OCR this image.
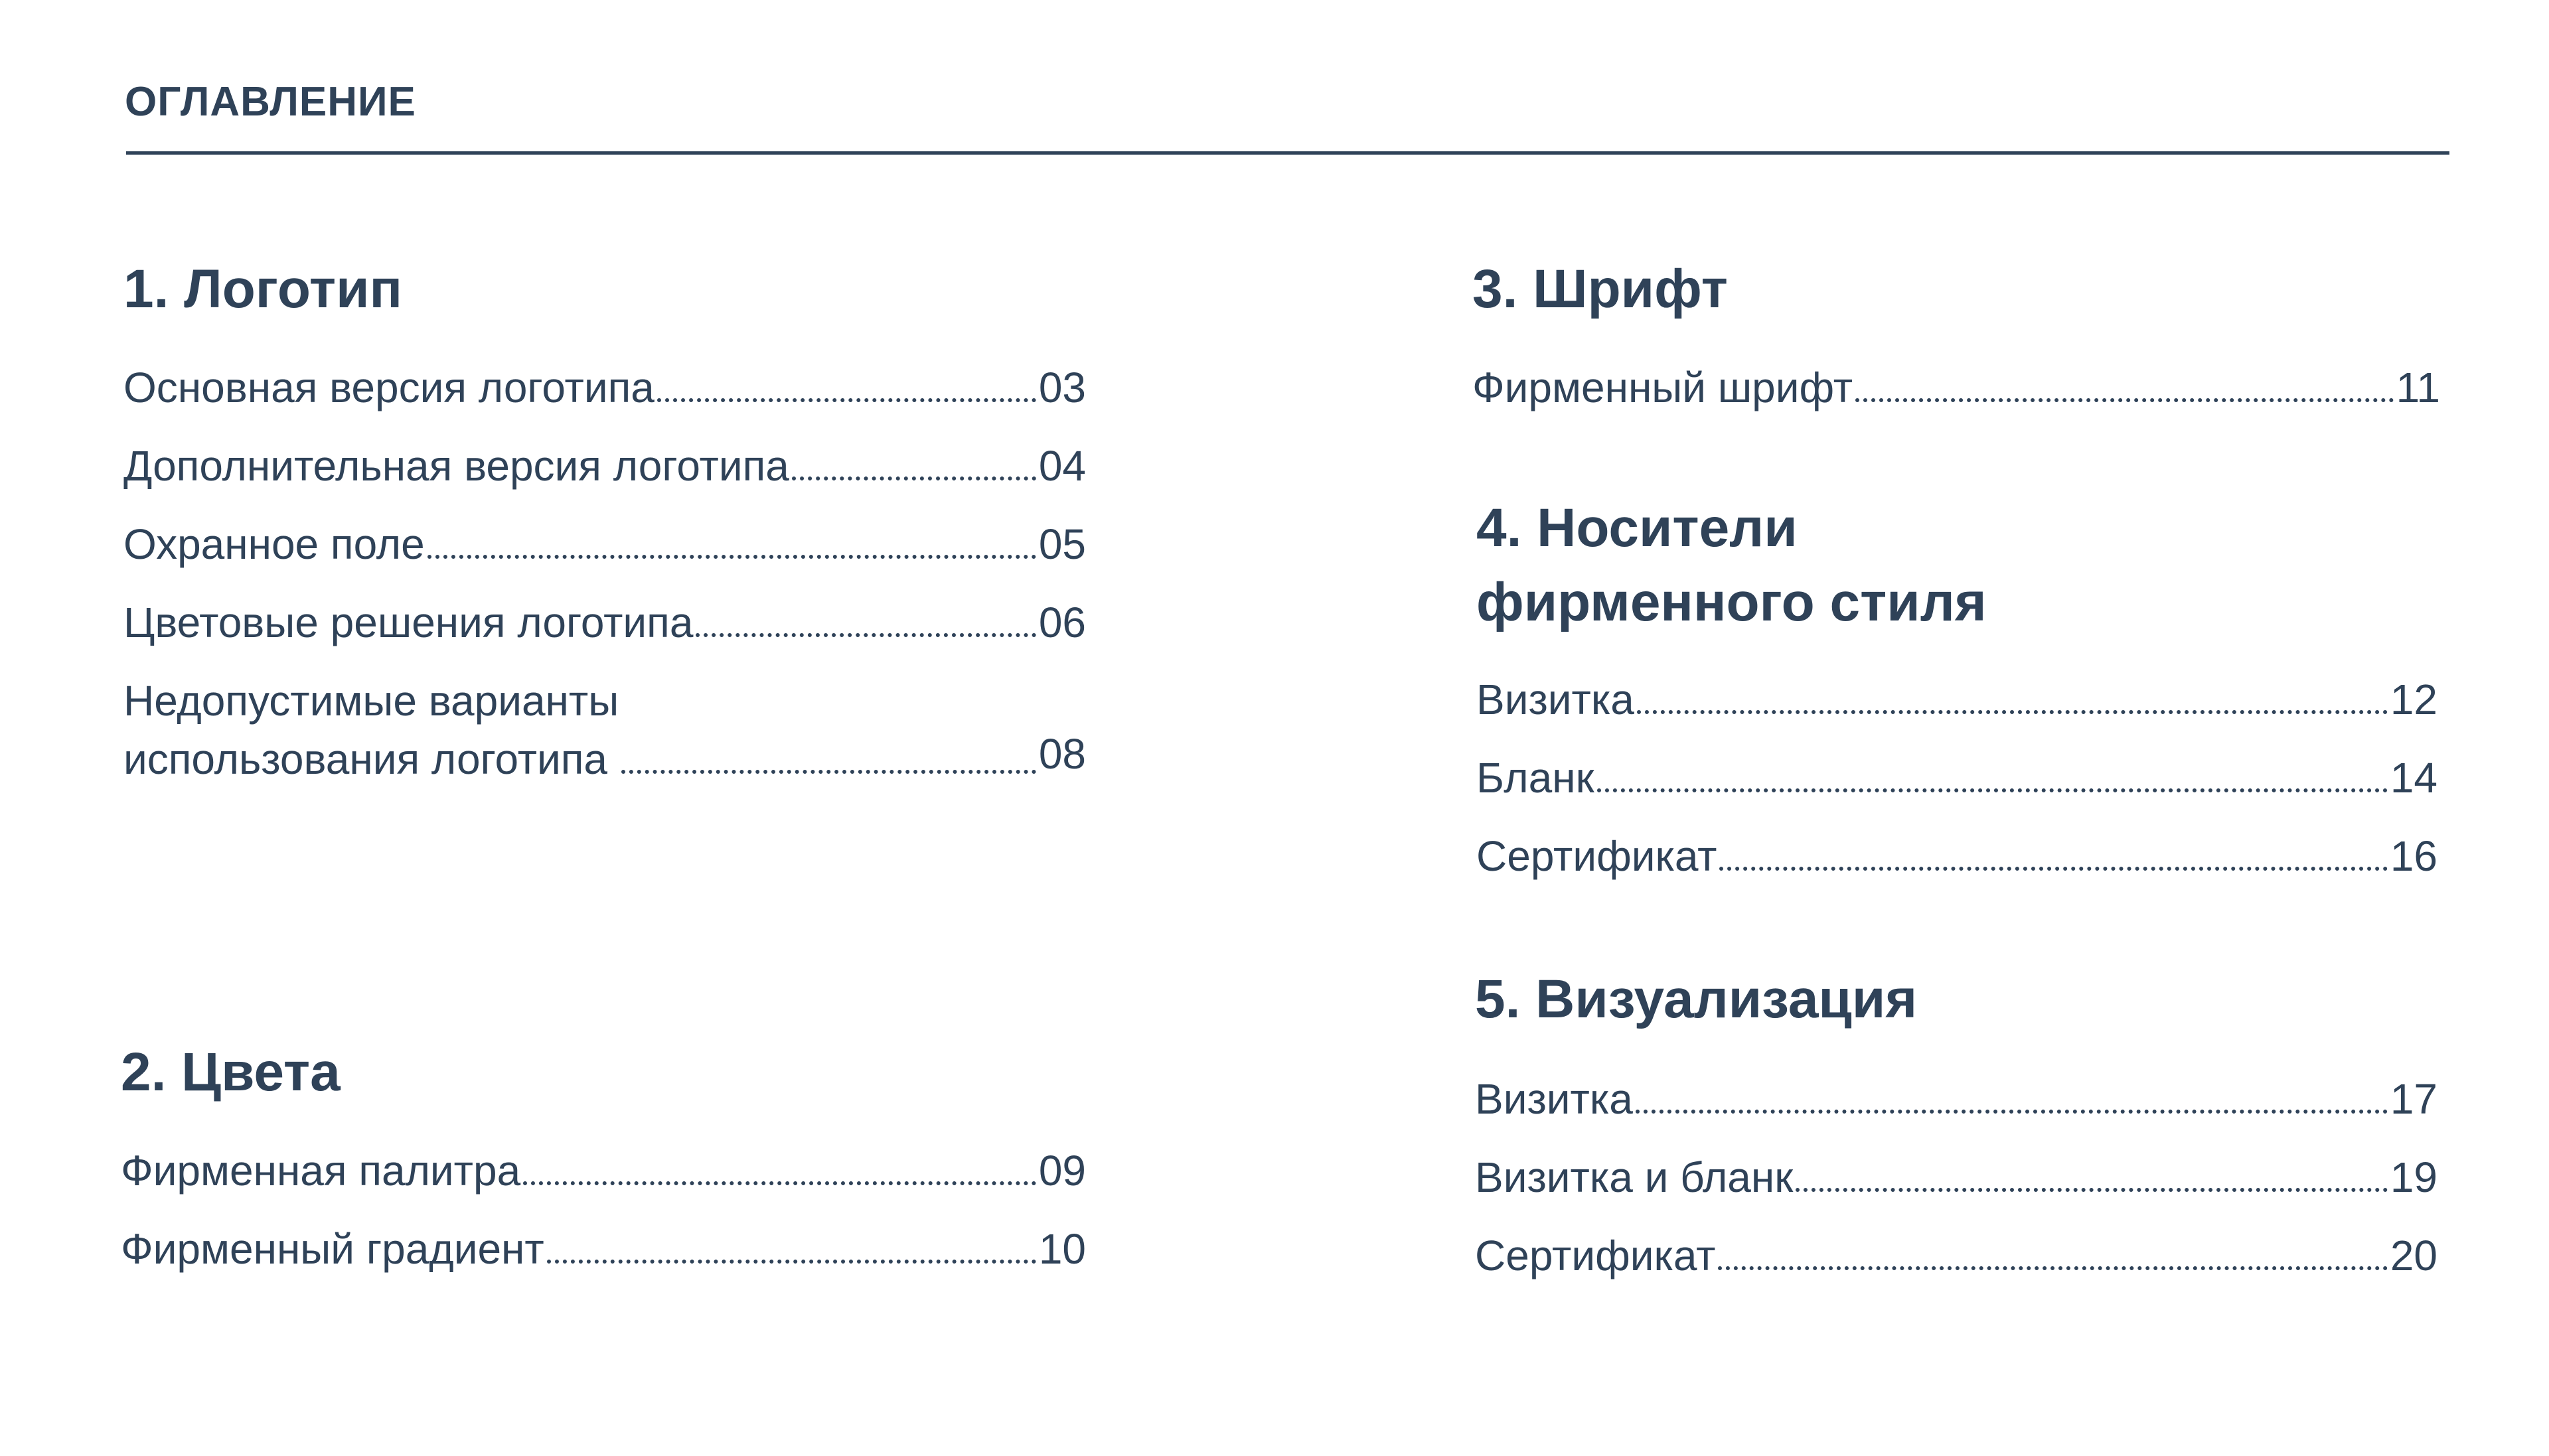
ОГЛАВЛЕНИЕ
1. Логотип
Основная версия логотипа	03
Дополнительная версия логотипа	04
Охранное поле	05
Цветовые решения логотипа	06
Недопустимые варианты
использования логотипа	08
2. Цвета
Фирменная палитра	09
Фирменный градиент	10
3. Шрифт
Фирменный шрифт	11
4. Носители
фирменного стиля
Визитка	12
Бланк	14
Сертификат	16
5. Визуализация
Визитка	17
Визитка и бланк	19
Сертификат	20
